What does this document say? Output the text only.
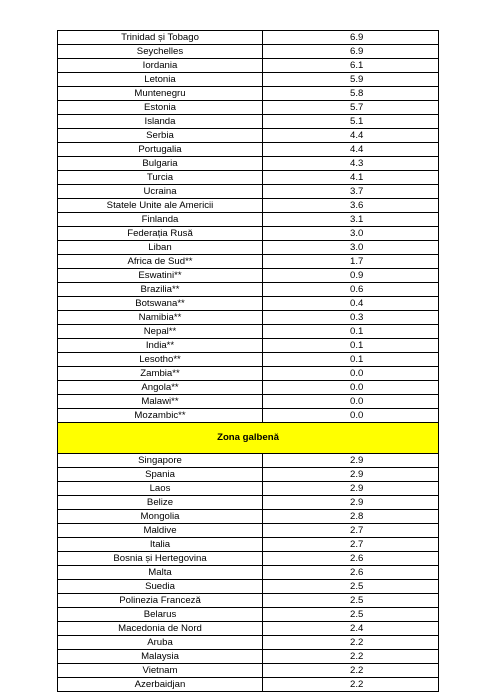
Trinidad și Tobago	6.9
Seychelles	6.9
Iordania	6.1
Letonia	5.9
Muntenegru	5.8
Estonia	5.7
Islanda	5.1
Serbia	4.4
Portugalia	4.4
Bulgaria	4.3
Turcia	4.1
Ucraina	3.7
Statele Unite ale Americii	3.6
Finlanda	3.1
Federația Rusă	3.0
Liban	3.0
Africa de Sud**	1.7
Eswatini**	0.9
Brazilia**	0.6
Botswana**	0.4
Namibia**	0.3
Nepal**	0.1
India**	0.1
Lesotho**	0.1
Zambia**	0.0
Angola**	0.0
Malawi**	0.0
Mozambic**	0.0
Zona galbenă	
Singapore	2.9
Spania	2.9
Laos	2.9
Belize	2.9
Mongolia	2.8
Maldive	2.7
Italia	2.7
Bosnia și Hertegovina	2.6
Malta	2.6
Suedia	2.5
Polinezia Franceză	2.5
Belarus	2.5
Macedonia de Nord	2.4
Aruba	2.2
Malaysia	2.2
Vietnam	2.2
Azerbaidjan	2.2
